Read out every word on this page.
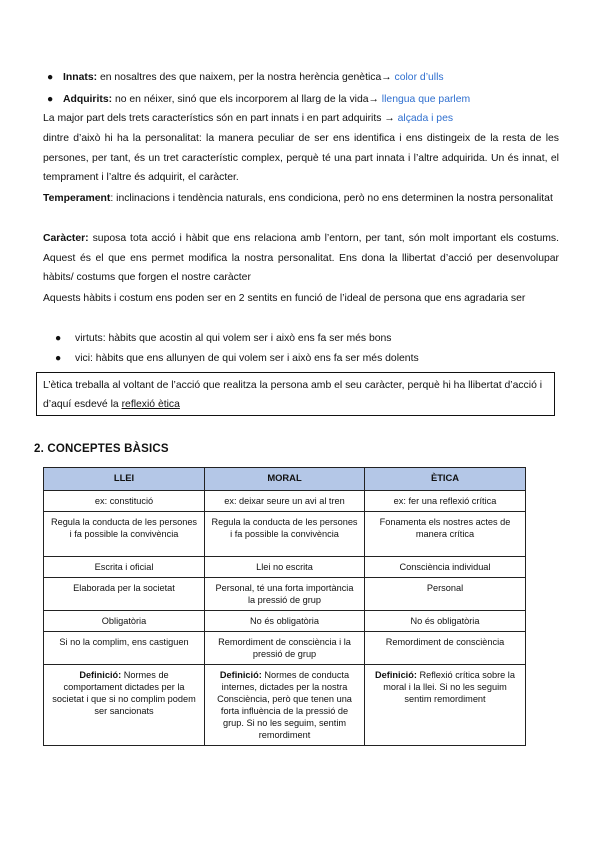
● Innats: en nosaltres des que naixem, per la nostra herència genètica→ color d’ulls
● Adquirits: no en néixer, sinó que els incorporem al llarg de la vida→ llengua que parlem
La major part dels trets característics són en part innats i en part adquirits → alçada i pes
dintre d’això hi ha la personalitat: la manera peculiar de ser ens identifica i ens distingeix de la resta de les persones, per tant, és un tret característic complex, perquè té una part innata i l’altre adquirida. Un és innat, el temprament i l’altre és adquirit, el caràcter.
Temperament: inclinacions i tendència naturals, ens condiciona, però no ens determinen la nostra personalitat
Caràcter: suposa tota acció i hàbit que ens relaciona amb l’entorn, per tant, són molt important els costums. Aquest és el que ens permet modifica la nostra personalitat. Ens dona la llibertat d’acció per desenvolupar hàbits/ costums que forgen el nostre caràcter
Aquests hàbits i costum ens poden ser en 2 sentits en funció de l’ideal de persona que ens agradaria ser
●	virtuts: hàbits que acostin al qui volem ser i això ens fa ser més bons
●	vici: hàbits que ens allunyen de qui volem ser i això ens fa ser més dolents
L’ètica treballa al voltant de l’acció que realitza la persona amb el seu caràcter, perquè hi ha llibertat d’acció i d’aquí esdevé la reflexió ètica
2. CONCEPTES BÀSICS
LLEI	MORAL	ÈTICA
ex: constitució	ex: deixar seure un avi al tren	ex: fer una reflexió crítica
Regula la conducta de les persones i fa possible la convivència	Regula la conducta de les persones i fa possible la convivència	Fonamenta els nostres actes de manera crítica
Escrita i oficial	Llei no escrita	Consciència individual
Elaborada per la societat	Personal, té una forta importància la pressió de grup	Personal
Obligatòria	No és obligatòria	No és obligatòria
Si no la complim, ens castiguen	Remordiment de consciència i la pressió de grup	Remordiment de consciència
Definició: Normes de comportament dictades per la societat i que si no complim podem ser sancionats	Definició: Normes de conducta internes, dictades per la nostra Consciència, però que tenen una forta influència de la pressió de grup. Si no les seguim, sentim remordiment	Definició: Reflexió crítica sobre la moral i la llei. Si no les seguim sentim remordiment
